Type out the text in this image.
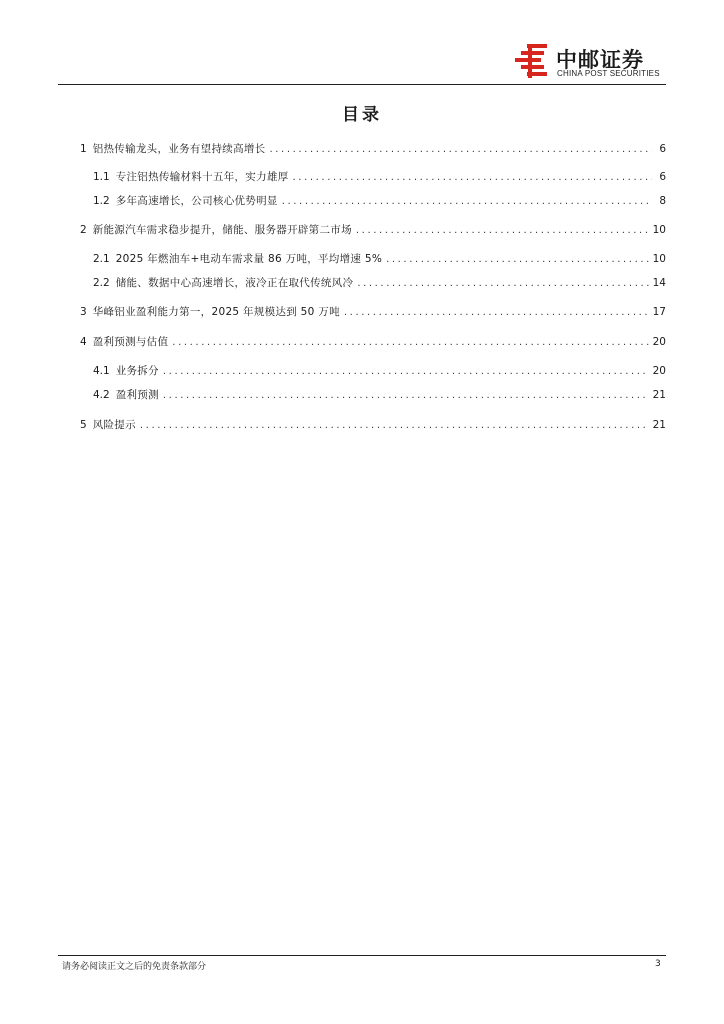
中邮证券
CHINA POST SECURITIES
目录
1 铝热传输龙头，业务有望持续高增长 .....	6
1.1 专注铝热传输材料十五年，实力雄厚 .....	6
1.2 多年高速增长，公司核心优势明显 .....	8
2 新能源汽车需求稳步提升，储能、服务器开辟第二市场 .....	10
2.1 2025 年燃油车+电动车需求量 86 万吨，平均增速 5% .....	10
2.2 储能、数据中心高速增长，液冷正在取代传统风冷 .....	14
3 华峰铝业盈利能力第一，2025 年规模达到 50 万吨 .....	17
4 盈利预测与估值 .....	20
4.1 业务拆分 .....	20
4.2 盈利预测 .....	21
5 风险提示 .....	21
请务必阅读正文之后的免责条款部分	3
